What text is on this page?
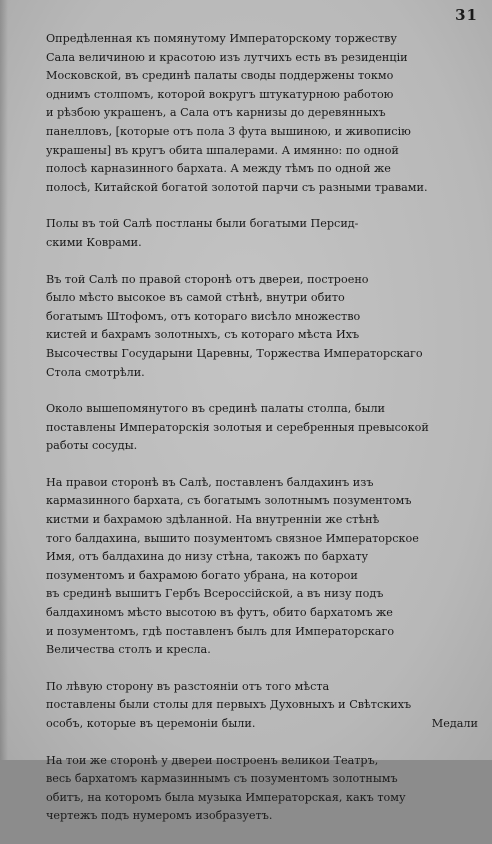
31

Опредѣленная къ помянутому Императорскому торжеству
Сала величиною и красотою изъ лутчихъ есть въ резиденціи
Московской, въ срединѣ палаты своды поддержены токмо
однимъ столпомъ, которой вокругъ штукатурною работою
и рѣзбою украшенъ, а Сала отъ карнизы до деревянныхъ
панелловъ, [которые отъ пола 3 фута вышиною, и живописію
украшены] въ кругъ обита шпалерами. А имянно: по одной
полосѣ карназинного бархата. А между тѣмъ по одной же
полосѣ, Китайской богатой золотой парчи съ разными травами.

Полы въ той Салѣ постланы были богатыми Персид-
скими Коврами.

Въ той Салѣ по правой сторонѣ отъ двереи, построено
было мѣсто высокое въ самой стѣнѣ, внутри обито
богатымъ Штофомъ, отъ котораго висѣло множество
кистей и бахрамъ золотныхъ, съ котораго мѣста Ихъ
Высочествы Государыни Царевны, Торжества Императорскаго
Стола смотрѣли.

Около вышепомянутого въ срединѣ палаты столпа, были
поставлены Императорскія золотыя и серебренныя превысокой
работы сосуды.

На правои сторонѣ въ Салѣ, поставленъ балдахинъ изъ
кармазинного бархата, съ богатымъ золотнымъ позументомъ
кистми и бахрамою здѣланной. На внутренніи же стѣнѣ
того балдахина, вышито позументомъ связное Императорское
Имя, отъ балдахина до низу стѣна, такожъ по бархату
позументомъ и бахрамою богато убрана, на которои
въ срединѣ вышитъ Гербъ Всероссійской, а въ низу подъ
балдахиномъ мѣсто высотою въ футъ, обито бархатомъ же
и позументомъ, гдѣ поставленъ былъ для Императорскаго
Величества столъ и кресла.

По лѣвую сторону въ разстояніи отъ того мѣста
поставлены были столы для первыхъ Духовныхъ и Свѣтскихъ
особъ, которые въ церемоніи были.

На тои же сторонѣ у двереи построенъ великои Театръ,
весь бархатомъ кармазиннымъ съ позументомъ золотнымъ
обитъ, на которомъ была музыка Императорская, какъ тому
чертежъ подъ нумеромъ изобразуетъ.

Медали
